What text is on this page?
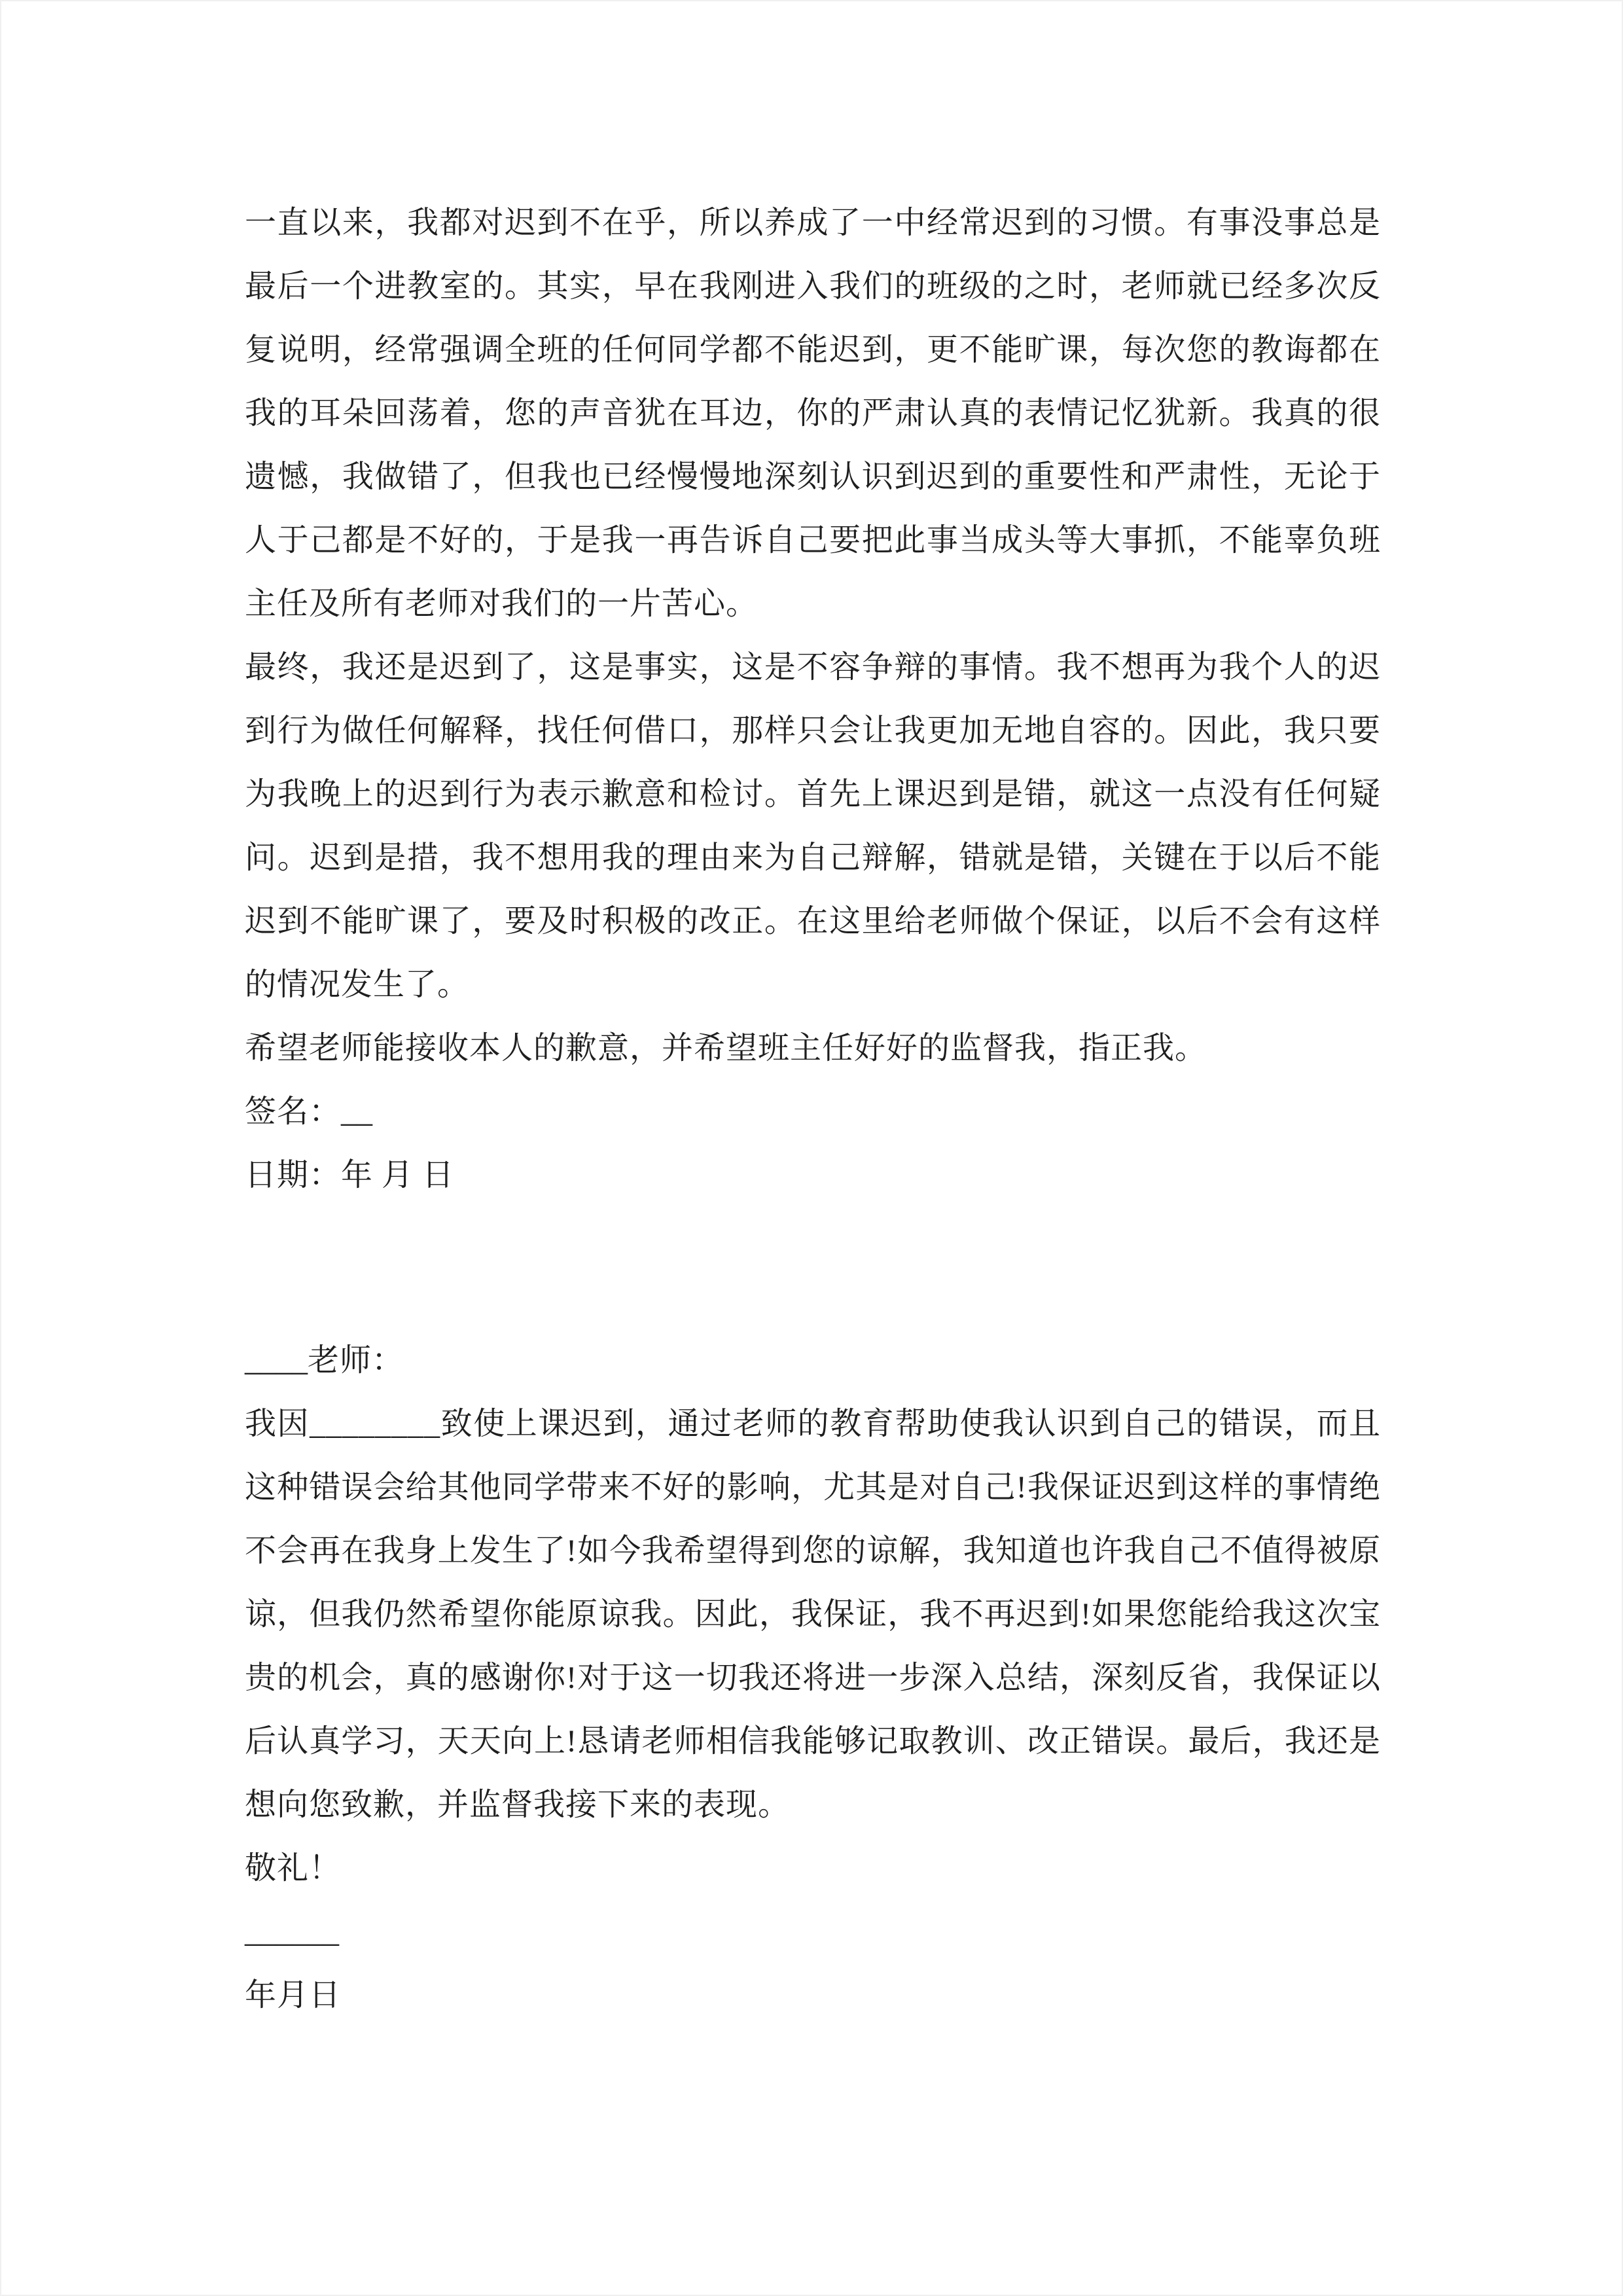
一直以来，我都对迟到不在乎，所以养成了一中经常迟到的习惯。有事没事总是最后一个进教室的。其实，早在我刚进入我们的班级的之时，老师就已经多次反复说明，经常强调全班的任何同学都不能迟到，更不能旷课，每次您的教诲都在我的耳朵回荡着，您的声音犹在耳边，你的严肃认真的表情记忆犹新。我真的很遗憾，我做错了，但我也已经慢慢地深刻认识到迟到的重要性和严肃性，无论于人于己都是不好的，于是我一再告诉自己要把此事当成头等大事抓，不能辜负班主任及所有老师对我们的一片苦心。

最终，我还是迟到了，这是事实，这是不容争辩的事情。我不想再为我个人的迟到行为做任何解释，找任何借口，那样只会让我更加无地自容的。因此，我只要为我晚上的迟到行为表示歉意和检讨。首先上课迟到是错，就这一点没有任何疑问。迟到是措，我不想用我的理由来为自己辩解，错就是错，关键在于以后不能迟到不能旷课了，要及时积极的改正。在这里给老师做个保证，以后不会有这样的情况发生了。

希望老师能接收本人的歉意，并希望班主任好好的监督我，指正我。

签名：__

日期：年 月 日

____老师：

我因________致使上课迟到，通过老师的教育帮助使我认识到自己的错误，而且这种错误会给其他同学带来不好的影响，尤其是对自己!我保证迟到这样的事情绝不会再在我身上发生了!如今我希望得到您的谅解，我知道也许我自己不值得被原谅，但我仍然希望你能原谅我。因此，我保证，我不再迟到!如果您能给我这次宝贵的机会，真的感谢你!对于这一切我还将进一步深入总结，深刻反省，我保证以后认真学习，天天向上!恳请老师相信我能够记取教训、改正错误。最后，我还是想向您致歉，并监督我接下来的表现。

敬礼！

______

年月日
